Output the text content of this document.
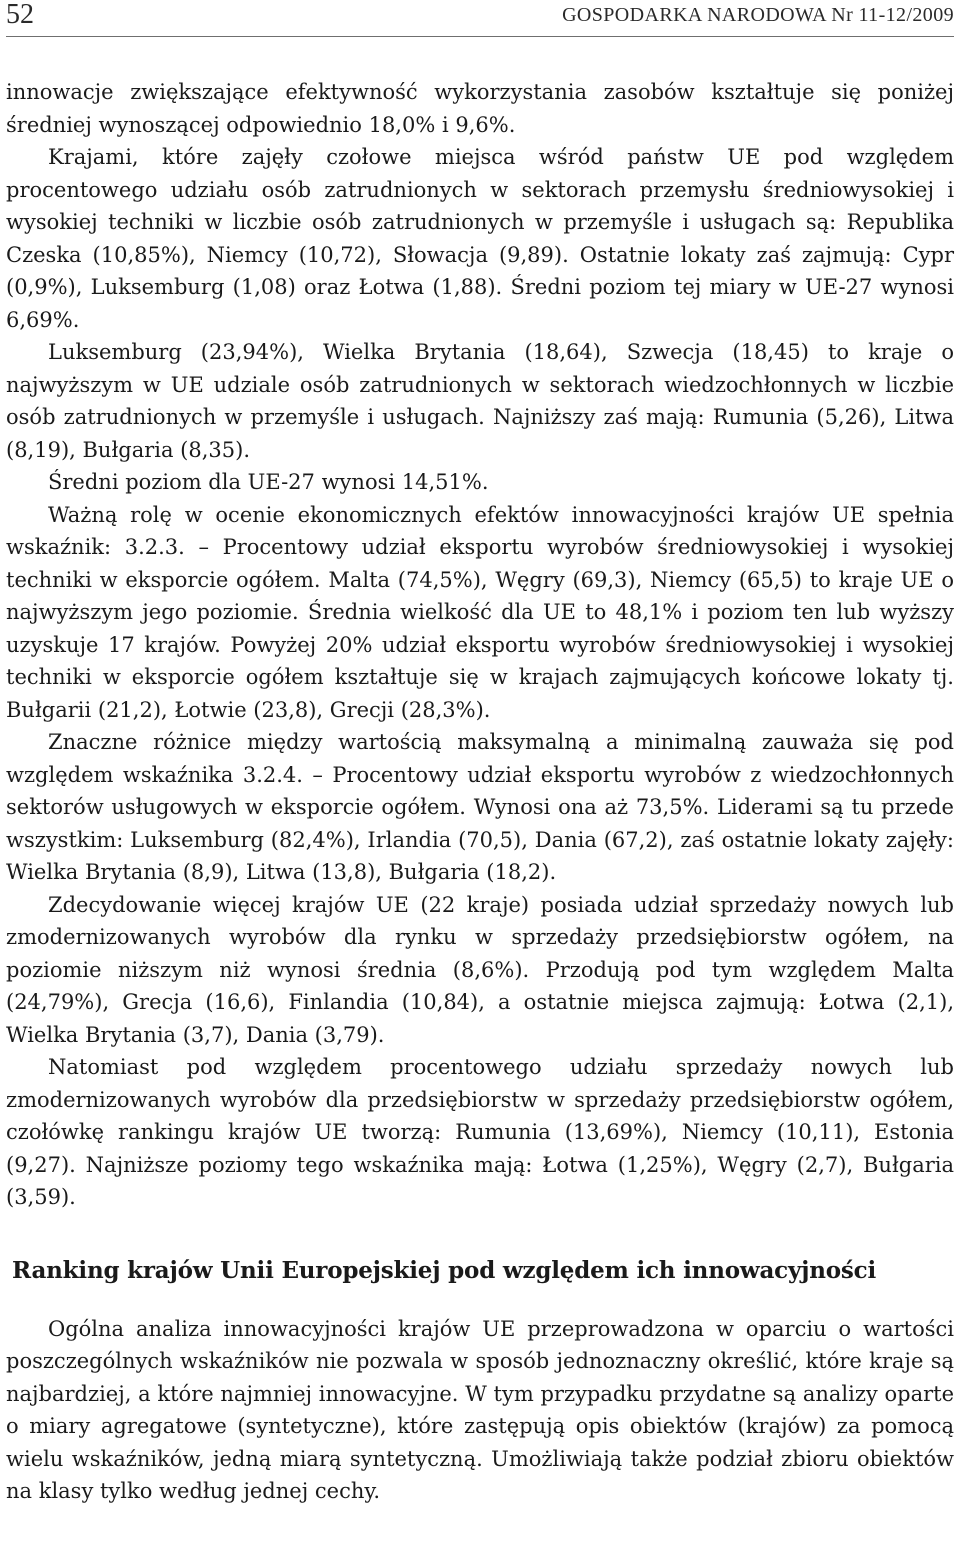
52	GOSPODARKA NARODOWA Nr 11-12/2009

innowacje zwiększające efektywność wykorzystania zasobów kształtuje się poniżej średniej wynoszącej odpowiednio 18,0% i 9,6%.

Krajami, które zajęły czołowe miejsca wśród państw UE pod względem procentowego udziału osób zatrudnionych w sektorach przemysłu średniowysokiej i wysokiej techniki w liczbie osób zatrudnionych w przemyśle i usługach są: Republika Czeska (10,85%), Niemcy (10,72), Słowacja (9,89). Ostatnie lokaty zaś zajmują: Cypr (0,9%), Luksemburg (1,08) oraz Łotwa (1,88). Średni poziom tej miary w UE-27 wynosi 6,69%.

Luksemburg (23,94%), Wielka Brytania (18,64), Szwecja (18,45) to kraje o najwyższym w UE udziale osób zatrudnionych w sektorach wiedzochłonnych w liczbie osób zatrudnionych w przemyśle i usługach. Najniższy zaś mają: Rumunia (5,26), Litwa (8,19), Bułgaria (8,35).

Średni poziom dla UE-27 wynosi 14,51%.

Ważną rolę w ocenie ekonomicznych efektów innowacyjności krajów UE spełnia wskaźnik: 3.2.3. – Procentowy udział eksportu wyrobów średniowysokiej i wysokiej techniki w eksporcie ogółem. Malta (74,5%), Węgry (69,3), Niemcy (65,5) to kraje UE o najwyższym jego poziomie. Średnia wielkość dla UE to 48,1% i poziom ten lub wyższy uzyskuje 17 krajów. Powyżej 20% udział eksportu wyrobów średniowysokiej i wysokiej techniki w eksporcie ogółem kształtuje się w krajach zajmujących końcowe lokaty tj. Bułgarii (21,2), Łotwie (23,8), Grecji (28,3%).

Znaczne różnice między wartością maksymalną a minimalną zauważa się pod względem wskaźnika 3.2.4. – Procentowy udział eksportu wyrobów z wiedzochłonnych sektorów usługowych w eksporcie ogółem. Wynosi ona aż 73,5%. Liderami są tu przede wszystkim: Luksemburg (82,4%), Irlandia (70,5), Dania (67,2), zaś ostatnie lokaty zajęły: Wielka Brytania (8,9), Litwa (13,8), Bułgaria (18,2).

Zdecydowanie więcej krajów UE (22 kraje) posiada udział sprzedaży nowych lub zmodernizowanych wyrobów dla rynku w sprzedaży przedsiębiorstw ogółem, na poziomie niższym niż wynosi średnia (8,6%). Przodują pod tym względem Malta (24,79%), Grecja (16,6), Finlandia (10,84), a ostatnie miejsca zajmują: Łotwa (2,1), Wielka Brytania (3,7), Dania (3,79).

Natomiast pod względem procentowego udziału sprzedaży nowych lub zmodernizowanych wyrobów dla przedsiębiorstw w sprzedaży przedsiębiorstw ogółem, czołówkę rankingu krajów UE tworzą: Rumunia (13,69%), Niemcy (10,11), Estonia (9,27). Najniższe poziomy tego wskaźnika mają: Łotwa (1,25%), Węgry (2,7), Bułgaria (3,59).

Ranking krajów Unii Europejskiej pod względem ich innowacyjności

Ogólna analiza innowacyjności krajów UE przeprowadzona w oparciu o wartości poszczególnych wskaźników nie pozwala w sposób jednoznaczny określić, które kraje są najbardziej, a które najmniej innowacyjne. W tym przypadku przydatne są analizy oparte o miary agregatowe (syntetyczne), które zastępują opis obiektów (krajów) za pomocą wielu wskaźników, jedną miarą syntetyczną. Umożliwiają także podział zbioru obiektów na klasy tylko według jednej cechy.
